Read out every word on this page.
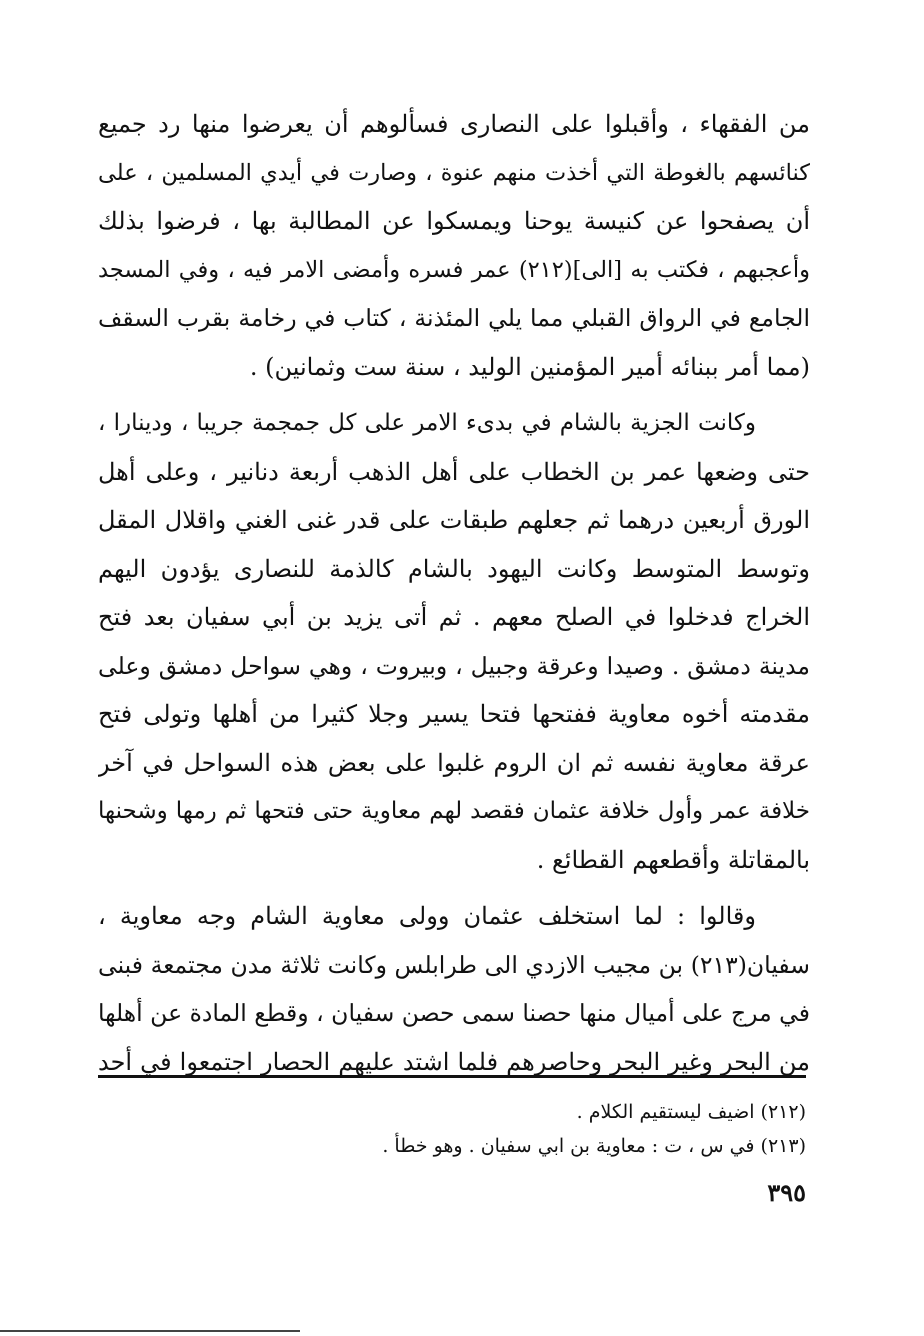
من الفقهاء ، وأقبلوا على النصارى فسألوهم أن يعرضوا منها رد جميع
كنائسهم بالغوطة التي أخذت منهم عنوة ، وصارت في أيدي المسلمين ، على
أن يصفحوا عن كنيسة يوحنا ويمسكوا عن المطالبة بها ، فرضوا بذلك
وأعجبهم ، فكتب به [الى](٢١٢) عمر فسره وأمضى الامر فيه ، وفي المسجد
الجامع في الرواق القبلي مما يلي المئذنة ، كتاب في رخامة بقرب السقف
(مما أمر ببنائه أمير المؤمنين الوليد ، سنة ست وثمانين) .
وكانت الجزية بالشام في بدىء الامر على كل جمجمة جريبا ، ودينارا ،
حتى وضعها عمر بن الخطاب على أهل الذهب أربعة دنانير ، وعلى أهل
الورق أربعين درهما ثم جعلهم طبقات على قدر غنى الغني واقلال المقل
وتوسط المتوسط وكانت اليهود بالشام كالذمة للنصارى يؤدون اليهم
الخراج فدخلوا في الصلح معهم . ثم أتى يزيد بن أبي سفيان بعد فتح
مدينة دمشق . وصيدا وعرقة وجبيل ، وبيروت ، وهي سواحل دمشق وعلى
مقدمته أخوه معاوية ففتحها فتحا يسير وجلا كثيرا من أهلها وتولى فتح
عرقة معاوية نفسه ثم ان الروم غلبوا على بعض هذه السواحل في آخر
خلافة عمر وأول خلافة عثمان فقصد لهم معاوية حتى فتحها ثم رمها وشحنها
بالمقاتلة وأقطعهم القطائع .
وقالوا : لما استخلف عثمان وولى معاوية الشام وجه معاوية ،
سفيان(٢١٣) بن مجيب الازدي الى طرابلس وكانت ثلاثة مدن مجتمعة فبنى
في مرج على أميال منها حصنا سمى حصن سفيان ، وقطع المادة عن أهلها
من البحر وغير البحر وحاصرهم فلما اشتد عليهم الحصار اجتمعوا في أحد
(٢١٢) اضيف ليستقيم الكلام .
(٢١٣) في س ، ت : معاوية بن ابي سفيان . وهو خطأ .
٣٩٥
